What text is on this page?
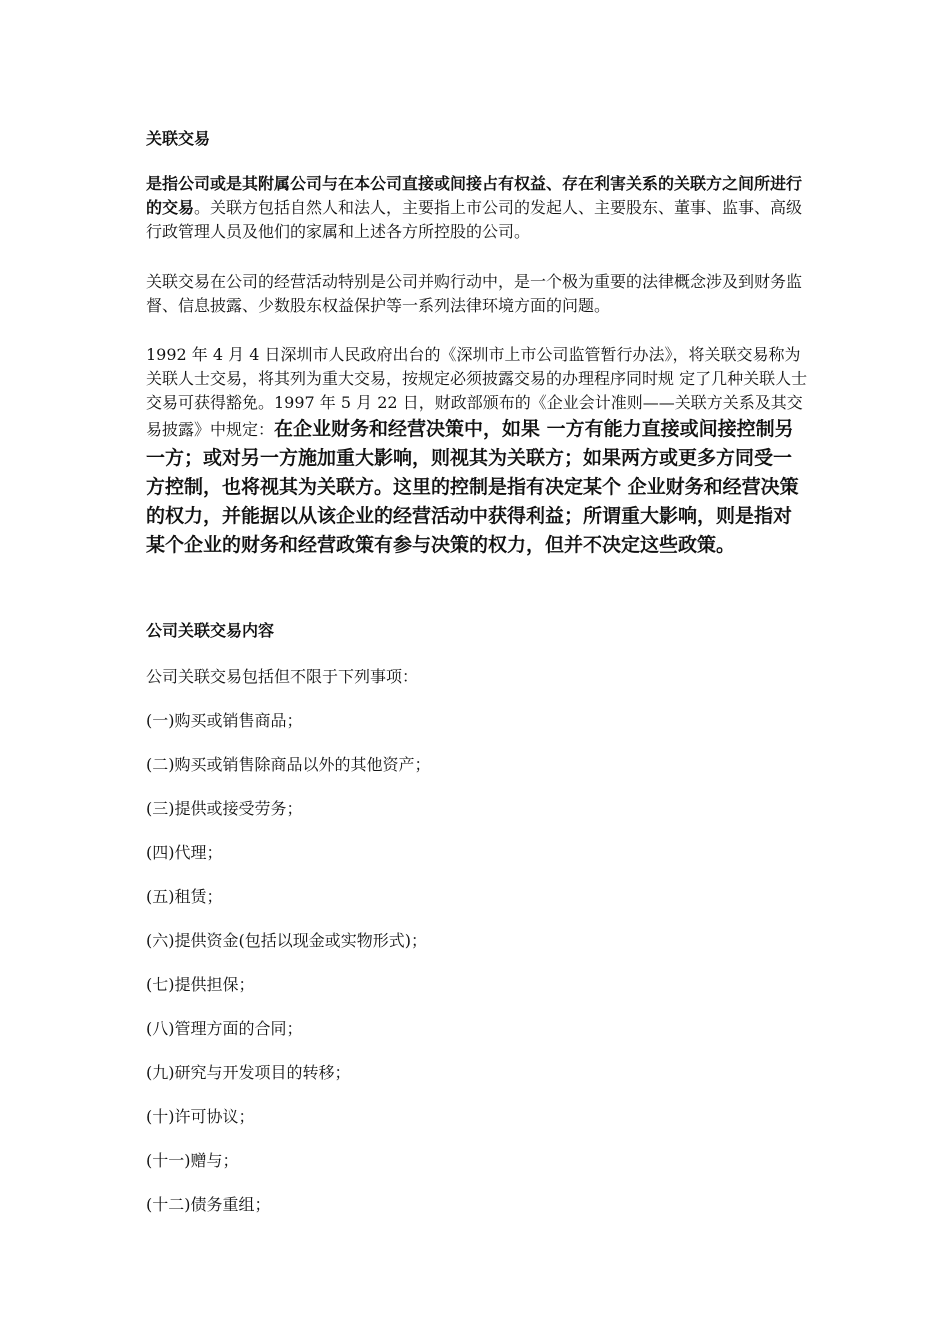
关联交易

是指公司或是其附属公司与在本公司直接或间接占有权益、存在利害关系的关联方之间所进行的交易。关联方包括自然人和法人，主要指上市公司的发起人、主要股东、董事、监事、高级行政管理人员及他们的家属和上述各方所控股的公司。

关联交易在公司的经营活动特别是公司并购行动中，是一个极为重要的法律概念涉及到财务监督、信息披露、少数股东权益保护等一系列法律环境方面的问题。

1992 年 4 月 4 日深圳市人民政府出台的《深圳市上市公司监管暂行办法》，将关联交易称为关联人士交易，将其列为重大交易，按规定必须披露交易的办理程序同时规 定了几种关联人士交易可获得豁免。1997 年 5 月 22 日，财政部颁布的《企业会计准则——关联方关系及其交易披露》中规定：在企业财务和经营决策中，如果 一方有能力直接或间接控制另一方；或对另一方施加重大影响，则视其为关联方；如果两方或更多方同受一方控制，也将视其为关联方。这里的控制是指有决定某个 企业财务和经营决策的权力，并能据以从该企业的经营活动中获得利益；所谓重大影响，则是指对某个企业的财务和经营政策有参与决策的权力，但并不决定这些政策。

公司关联交易内容
公司关联交易包括但不限于下列事项：
(一)购买或销售商品；
(二)购买或销售除商品以外的其他资产；
(三)提供或接受劳务；
(四)代理；
(五)租赁；
(六)提供资金(包括以现金或实物形式)；
(七)提供担保；
(八)管理方面的合同；
(九)研究与开发项目的转移；
(十)许可协议；
(十一)赠与；
(十二)债务重组；
